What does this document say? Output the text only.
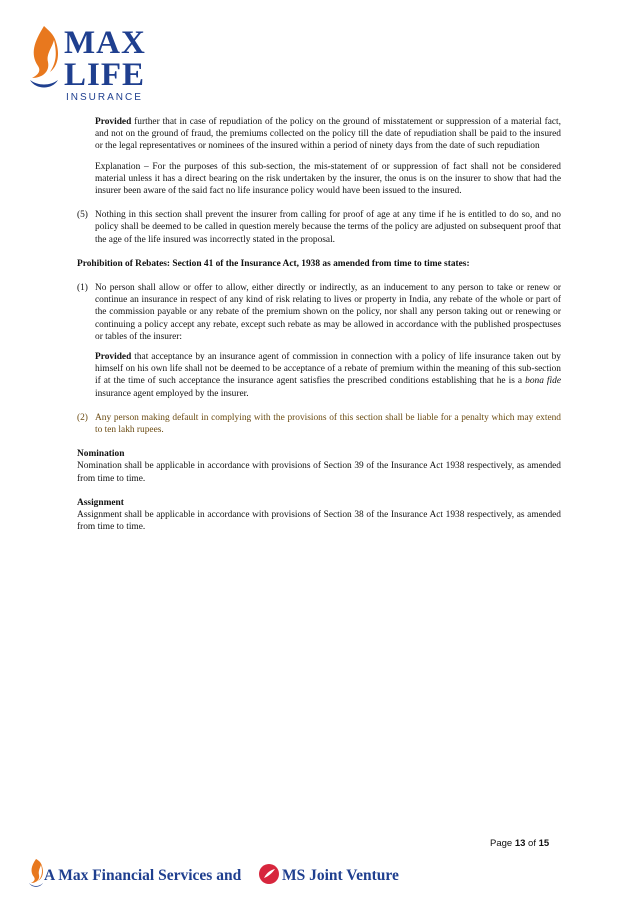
MAX
LIFE
INSURANCE

Provided further that in case of repudiation of the policy on the ground of misstatement or suppression of a material fact, and not on the ground of fraud, the premiums collected on the policy till the date of repudiation shall be paid to the insured or the legal representatives or nominees of the insured within a period of ninety days from the date of such repudiation

Explanation – For the purposes of this sub-section, the mis-statement of or suppression of fact shall not be considered material unless it has a direct bearing on the risk undertaken by the insurer, the onus is on the insurer to show that had the insurer been aware of the said fact no life insurance policy would have been issued to the insured.

(5) Nothing in this section shall prevent the insurer from calling for proof of age at any time if he is entitled to do so, and no policy shall be deemed to be called in question merely because the terms of the policy are adjusted on subsequent proof that the age of the life insured was incorrectly stated in the proposal.

Prohibition of Rebates: Section 41 of the Insurance Act, 1938 as amended from time to time states:

(1) No person shall allow or offer to allow, either directly or indirectly, as an inducement to any person to take or renew or continue an insurance in respect of any kind of risk relating to lives or property in India, any rebate of the whole or part of the commission payable or any rebate of the premium shown on the policy, nor shall any person taking out or renewing or continuing a policy accept any rebate, except such rebate as may be allowed in accordance with the published prospectuses or tables of the insurer:

Provided that acceptance by an insurance agent of commission in connection with a policy of life insurance taken out by himself on his own life shall not be deemed to be acceptance of a rebate of premium within the meaning of this sub-section if at the time of such acceptance the insurance agent satisfies the prescribed conditions establishing that he is a bona fide insurance agent employed by the insurer.

(2) Any person making default in complying with the provisions of this section shall be liable for a penalty which may extend to ten lakh rupees.

Nomination

Nomination shall be applicable in accordance with provisions of Section 39 of the Insurance Act 1938 respectively, as amended from time to time.

Assignment

Assignment shall be applicable in accordance with provisions of Section 38 of the Insurance Act 1938 respectively, as amended from time to time.

Page 13 of 15
A Max Financial Services and	MS Joint Venture
